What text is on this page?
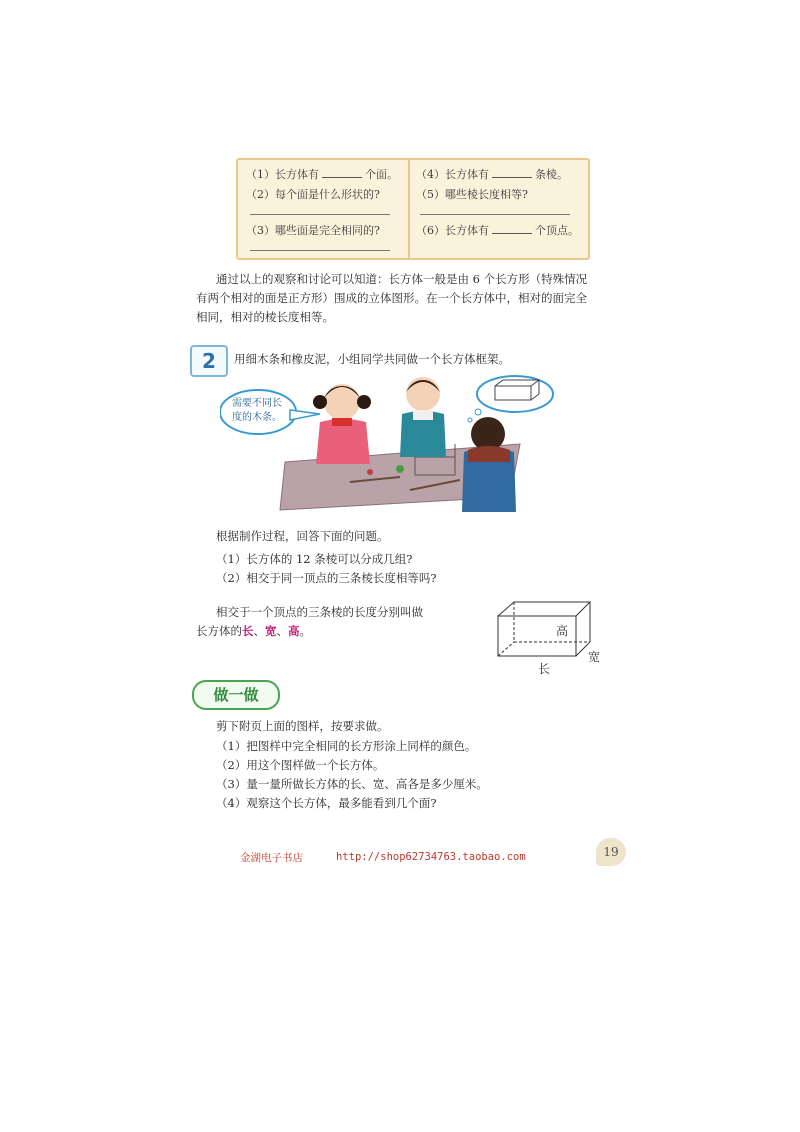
（1）长方体有	个面。
（2）每个面是什么形状的?
（3）哪些面是完全相同的?
（4）长方体有	条棱。
（5）哪些棱长度相等?
（6）长方体有	个顶点。
通过以上的观察和讨论可以知道：长方体一般是由 6 个长方形（特殊情况
有两个相对的面是正方形）围成的立体图形。在一个长方体中，相对的面完全
相同，相对的棱长度相等。
2	用细木条和橡皮泥，小组同学共同做一个长方体框架。
需要不同长
度的木条。
根据制作过程，回答下面的问题。
（1）长方体的 12 条棱可以分成几组?
（2）相交于同一顶点的三条棱长度相等吗?
相交于一个顶点的三条棱的长度分别叫做
长方体的长、宽、高。	高
宽
长
做一做
剪下附页上面的图样，按要求做。
（1）把图样中完全相同的长方形涂上同样的颜色。
（2）用这个图样做一个长方体。
（3）量一量所做长方体的长、宽、高各是多少厘米。
（4）观察这个长方体，最多能看到几个面?
金湖电子书店	http://shop62734763.taobao.com	19
